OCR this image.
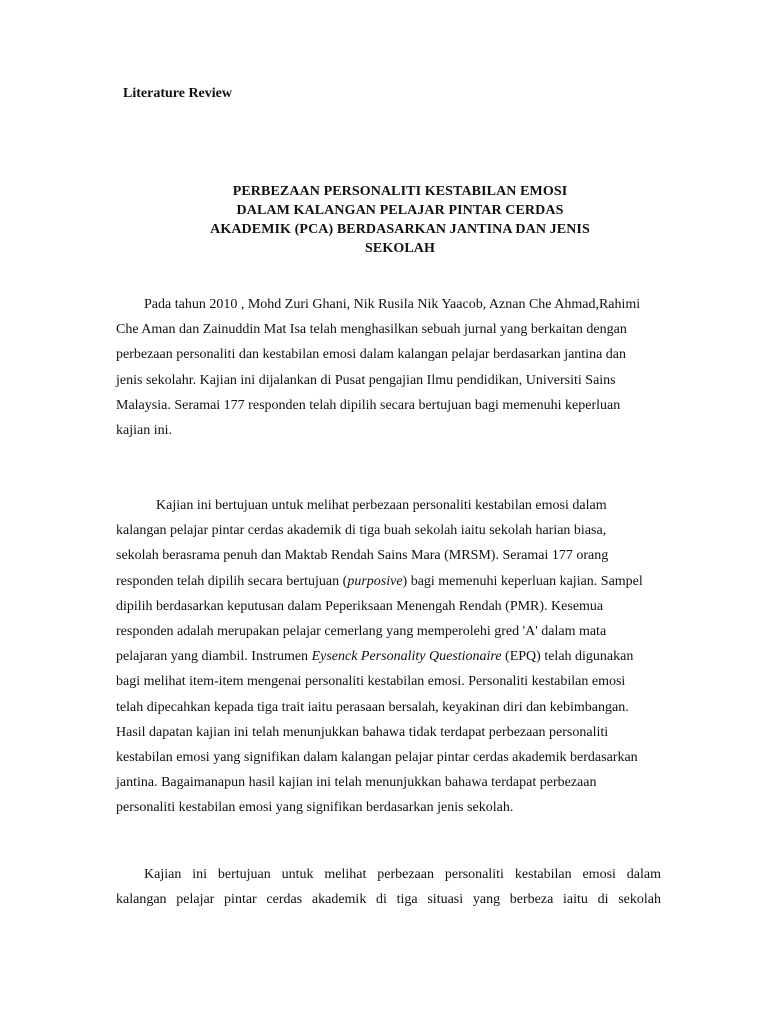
Literature Review
PERBEZAAN PERSONALITI KESTABILAN EMOSI
DALAM KALANGAN PELAJAR PINTAR CERDAS
AKADEMIK (PCA) BERDASARKAN JANTINA DAN JENIS
SEKOLAH
Pada tahun 2010 , Mohd Zuri Ghani, Nik Rusila Nik Yaacob, Aznan Che Ahmad,Rahimi
Che Aman dan Zainuddin Mat Isa telah menghasilkan sebuah jurnal yang berkaitan dengan
perbezaan personaliti dan kestabilan emosi dalam kalangan pelajar berdasarkan jantina dan
jenis sekolahr. Kajian ini dijalankan di Pusat pengajian Ilmu pendidikan, Universiti Sains
Malaysia. Seramai 177 responden telah dipilih secara bertujuan bagi memenuhi keperluan
kajian ini.
Kajian ini bertujuan untuk melihat perbezaan personaliti kestabilan emosi dalam
kalangan pelajar pintar cerdas akademik di tiga buah sekolah iaitu sekolah harian biasa,
sekolah berasrama penuh dan Maktab Rendah Sains Mara (MRSM). Seramai 177 orang
responden telah dipilih secara bertujuan (purposive) bagi memenuhi keperluan kajian. Sampel
dipilih berdasarkan keputusan dalam Peperiksaan Menengah Rendah (PMR). Kesemua
responden adalah merupakan pelajar cemerlang yang memperolehi gred 'A' dalam mata
pelajaran yang diambil. Instrumen Eysenck Personality Questionaire (EPQ) telah digunakan
bagi melihat item-item mengenai personaliti kestabilan emosi. Personaliti kestabilan emosi
telah dipecahkan kepada tiga trait iaitu perasaan bersalah, keyakinan diri dan kebimbangan.
Hasil dapatan kajian ini telah menunjukkan bahawa tidak terdapat perbezaan personaliti
kestabilan emosi yang signifikan dalam kalangan pelajar pintar cerdas akademik berdasarkan
jantina. Bagaimanapun hasil kajian ini telah menunjukkan bahawa terdapat perbezaan
personaliti kestabilan emosi yang signifikan berdasarkan jenis sekolah.
Kajian ini bertujuan untuk melihat perbezaan personaliti kestabilan emosi dalam
kalangan pelajar pintar cerdas akademik di tiga situasi yang berbeza iaitu di sekolah
